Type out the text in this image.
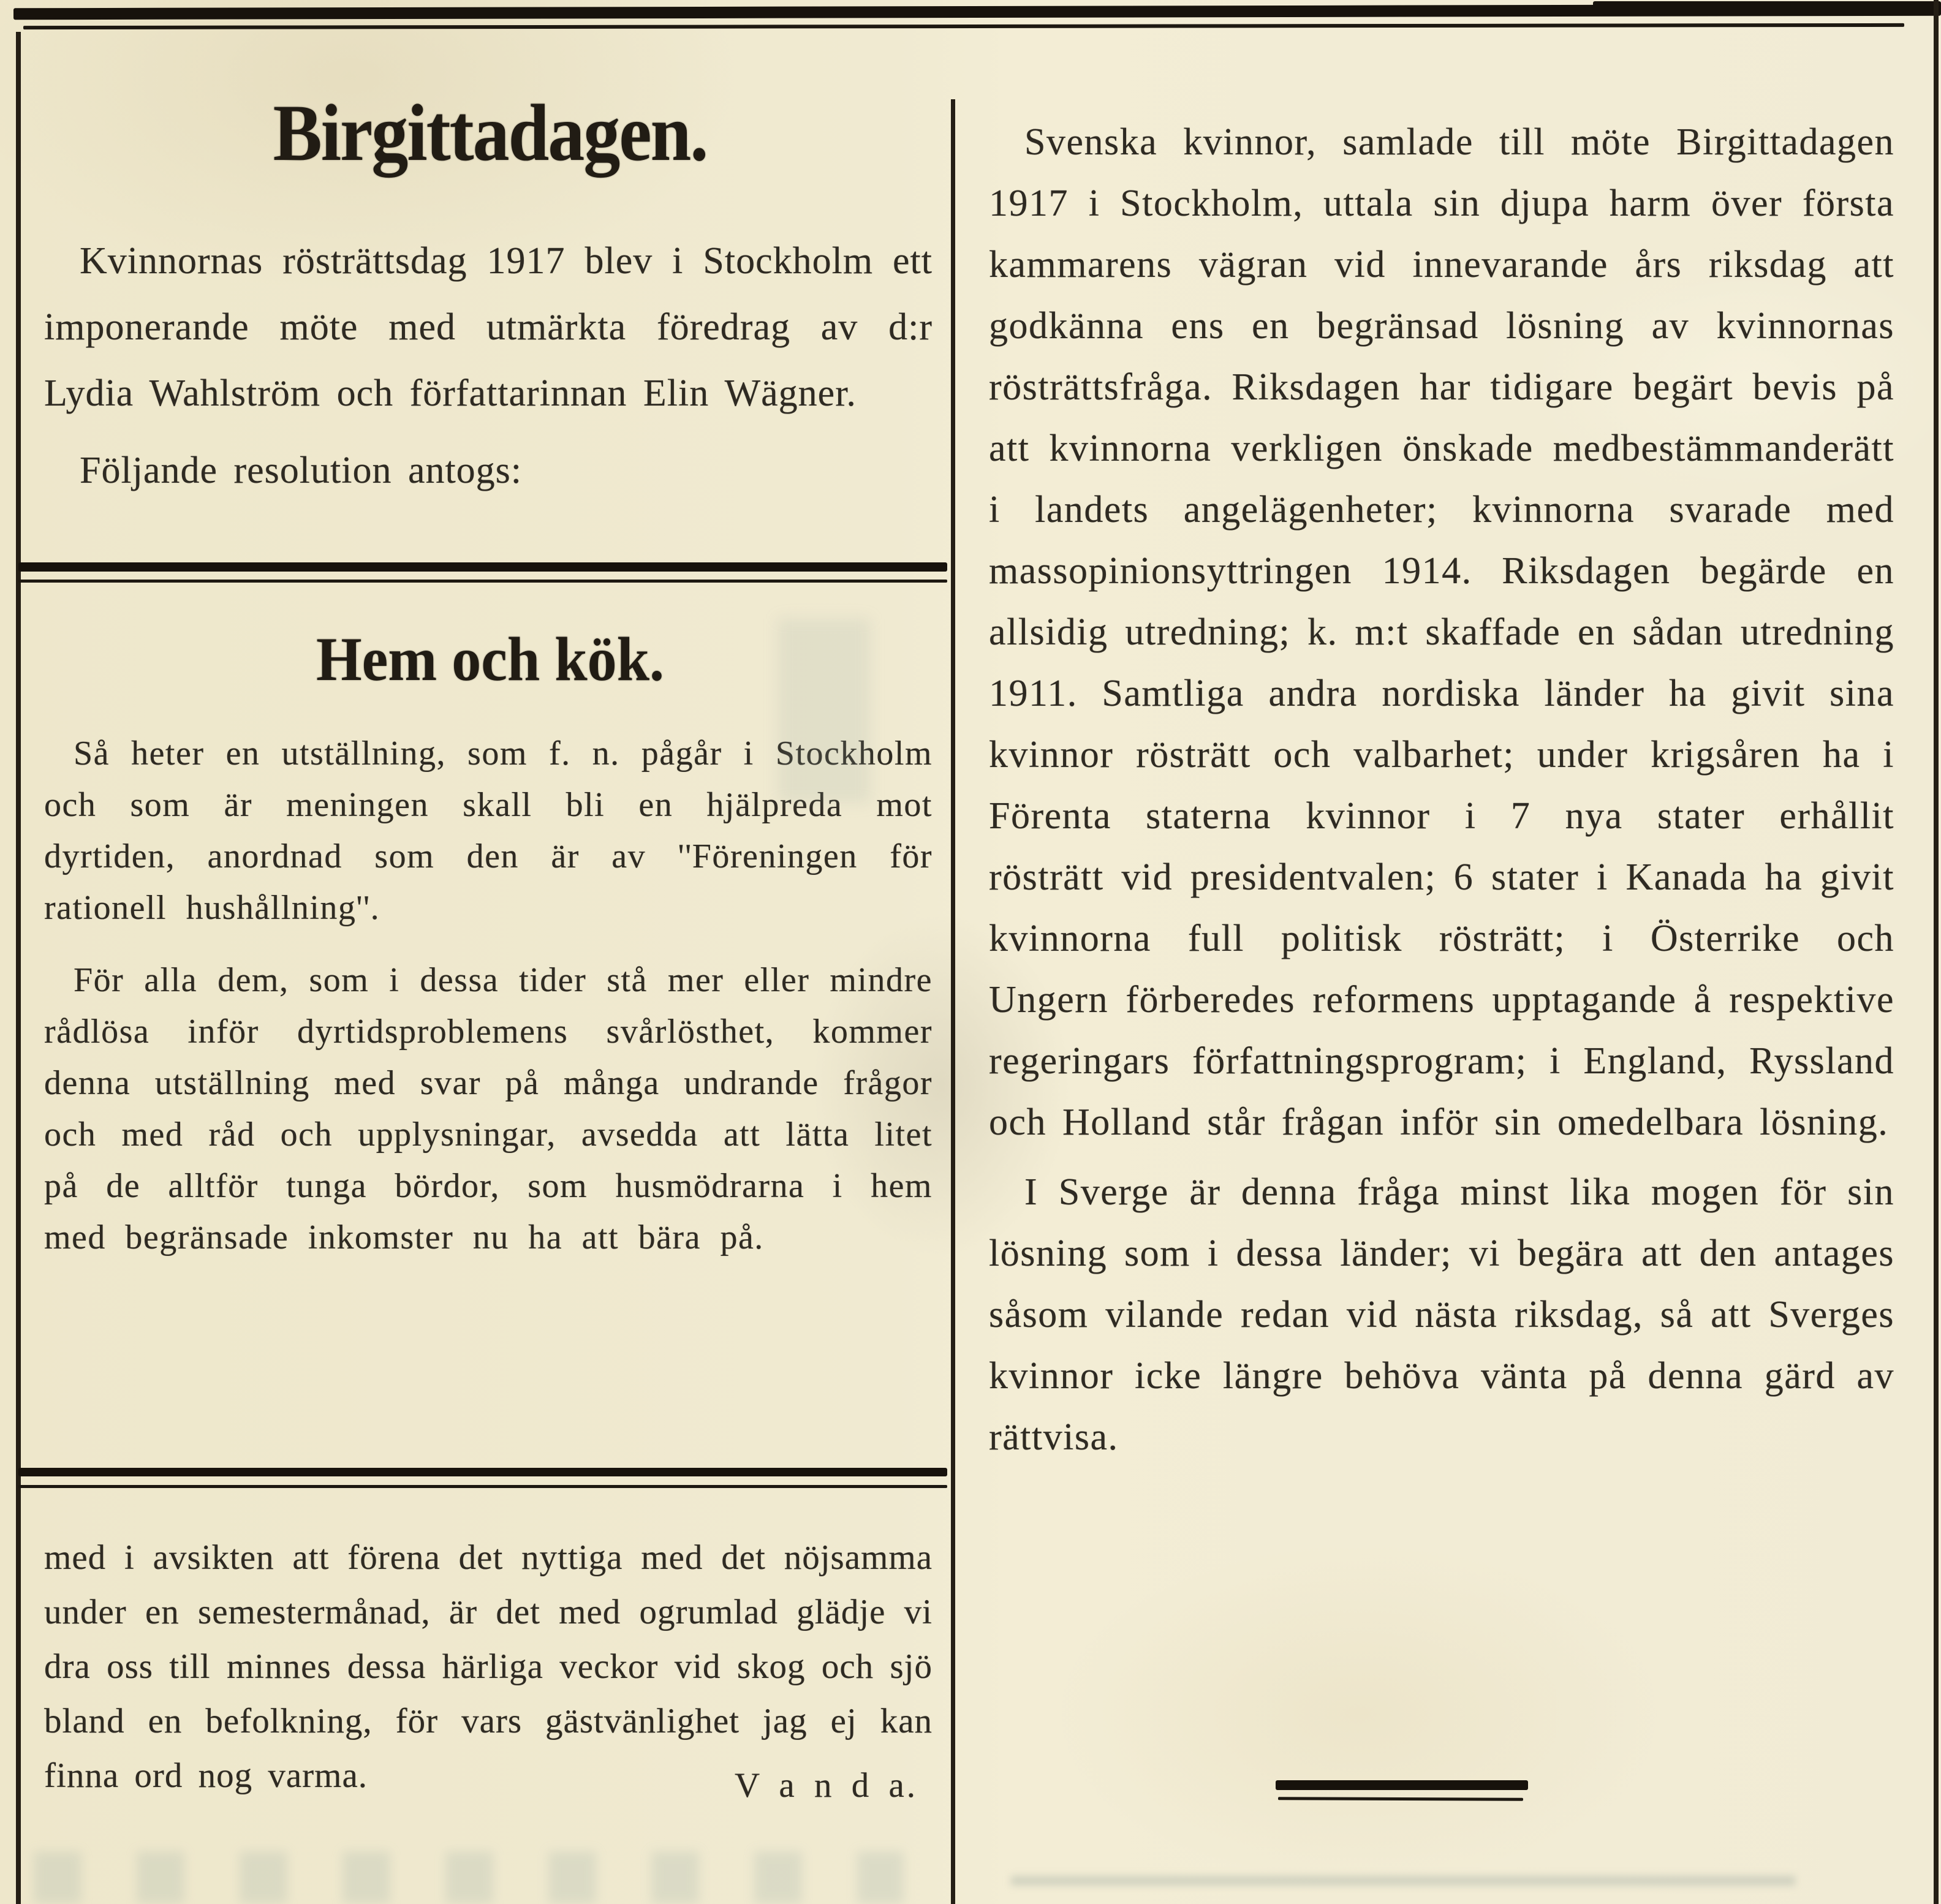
Birgittadagen.

Kvinnornas rösträttsdag 1917 blev i Stockholm ett imponerande möte med utmärkta föredrag av d:r Lydia Wahlström och författarinnan Elin Wägner.

Följande resolution antogs:

Hem och kök.

Så heter en utställning, som f. n. pågår i Stockholm och som är meningen skall bli en hjälpreda mot dyrtiden, anordnad som den är av ''Föreningen för rationell hushållning''.

För alla dem, som i dessa tider stå mer eller mindre rådlösa inför dyrtidsproblemens svårlösthet, kommer denna utställning med svar på många undrande frågor och med råd och upplysningar, avsedda att lätta litet på de alltför tunga bördor, som husmödrarna i hem med begränsade inkomster nu ha att bära på.

med i avsikten att förena det nyttiga med det nöjsamma under en semestermånad, är det med ogrumlad glädje vi dra oss till minnes dessa härliga veckor vid skog och sjö bland en befolkning, för vars gästvänlighet jag ej kan finna ord nog varma.	V a n d a.

Svenska kvinnor, samlade till möte Birgittadagen 1917 i Stockholm, uttala sin djupa harm över första kammarens vägran vid innevarande års riksdag att godkänna ens en begränsad lösning av kvinnornas rösträttsfråga. Riksdagen har tidigare begärt bevis på att kvinnorna verkligen önskade medbestämmanderätt i landets angelägenheter; kvinnorna svarade med massopinionsyttringen 1914. Riksdagen begärde en allsidig utredning; k. m:t skaffade en sådan utredning 1911. Samtliga andra nordiska länder ha givit sina kvinnor rösträtt och valbarhet; under krigsåren ha i Förenta staterna kvinnor i 7 nya stater erhållit rösträtt vid presidentvalen; 6 stater i Kanada ha givit kvinnorna full politisk rösträtt; i Österrike och Ungern förberedes reformens upptagande å respektive regeringars författningsprogram; i England, Ryssland och Holland står frågan inför sin omedelbara lösning.

I Sverge är denna fråga minst lika mogen för sin lösning som i dessa länder; vi begära att den antages såsom vilande redan vid nästa riksdag, så att Sverges kvinnor icke längre behöva vänta på denna gärd av rättvisa.
